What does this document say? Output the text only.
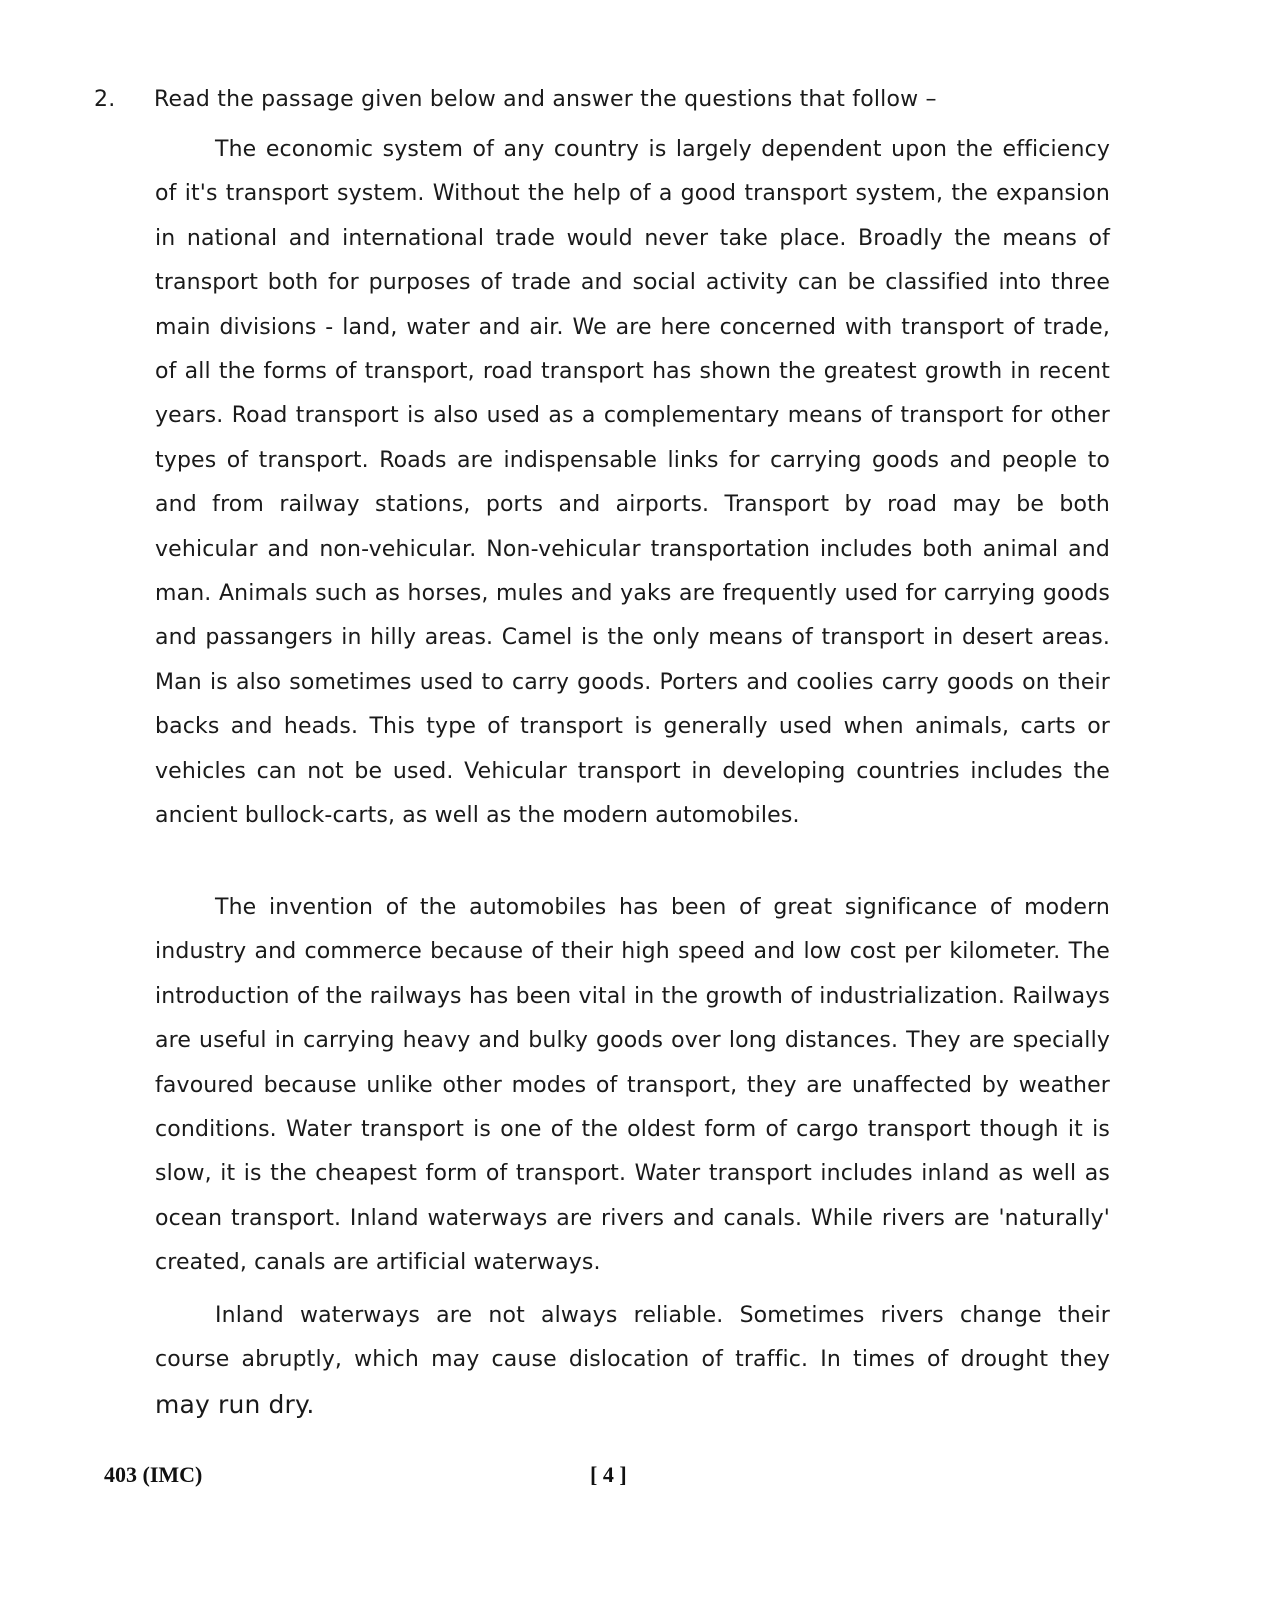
2. Read the passage given below and answer the questions that follow –

The economic system of any country is largely dependent upon the efficiency of it's transport system. Without the help of a good transport system, the expansion in national and international trade would never take place. Broadly the means of transport both for purposes of trade and social activity can be classified into three main divisions - land, water and air. We are here concerned with transport of trade, of all the forms of transport, road transport has shown the greatest growth in recent years. Road transport is also used as a complementary means of transport for other types of transport. Roads are indispensable links for carrying goods and people to and from railway stations, ports and airports. Transport by road may be both vehicular and non-vehicular. Non-vehicular transportation includes both animal and man. Animals such as horses, mules and yaks are frequently used for carrying goods and passangers in hilly areas. Camel is the only means of transport in desert areas. Man is also sometimes used to carry goods. Porters and coolies carry goods on their backs and heads. This type of transport is generally used when animals, carts or vehicles can not be used. Vehicular transport in developing countries includes the ancient bullock-carts, as well as the modern automobiles.

The invention of the automobiles has been of great significance of modern industry and commerce because of their high speed and low cost per kilometer. The introduction of the railways has been vital in the growth of industrialization. Railways are useful in carrying heavy and bulky goods over long distances. They are specially favoured because unlike other modes of transport, they are unaffected by weather conditions. Water transport is one of the oldest form of cargo transport though it is slow, it is the cheapest form of transport. Water transport includes inland as well as ocean transport. Inland waterways are rivers and canals. While rivers are 'naturally' created, canals are artificial waterways.

Inland waterways are not always reliable. Sometimes rivers change their course abruptly, which may cause dislocation of traffic. In times of drought they may run dry.

403 (IMC)	[ 4 ]
